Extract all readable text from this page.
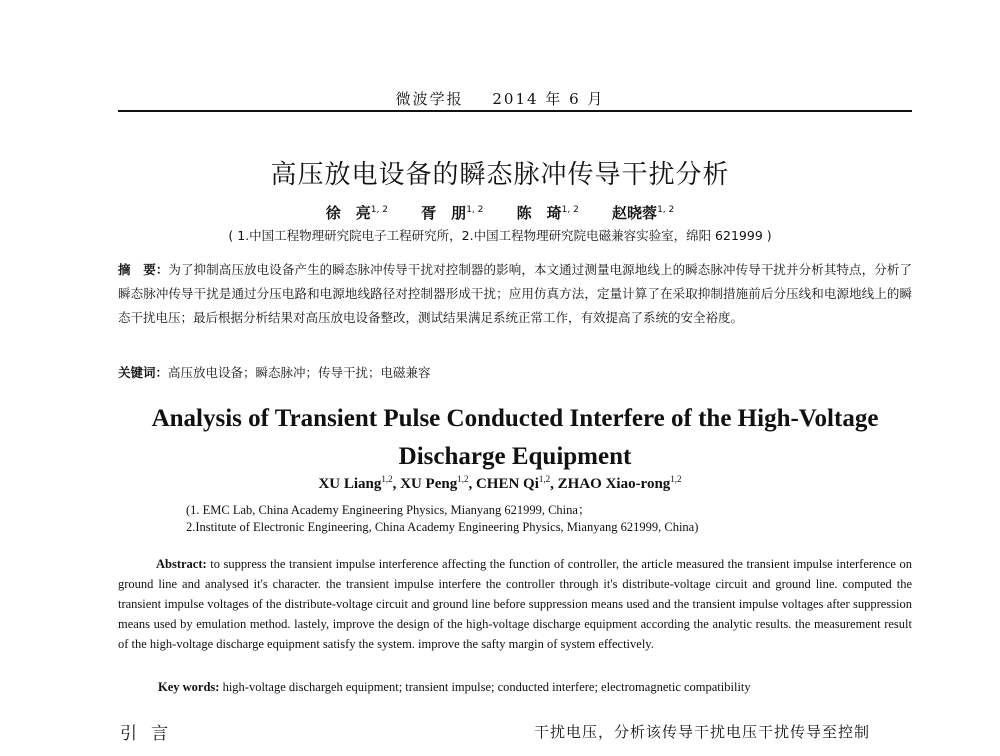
微波学报 2014 年 6 月
高压放电设备的瞬态脉冲传导干扰分析
徐　亮$^{1, 2}$ 胥　朋$^{1, 2}$ 陈　琦$^{1, 2}$ 赵晓蓉$^{1, 2}$
( 1.中国工程物理研究院电子工程研究所，2.中国工程物理研究院电磁兼容实验室，绵阳 621999 )
摘　要：为了抑制高压放电设备产生的瞬态脉冲传导干扰对控制器的影响，本文通过测量电源地线上的瞬态脉冲传导干扰并分析其特点，分析了瞬态脉冲传导干扰是通过分压电路和电源地线路径对控制器形成干扰；应用仿真方法，定量计算了在采取抑制措施前后分压线和电源地线上的瞬态干扰电压；最后根据分析结果对高压放电设备整改，测试结果满足系统正常工作，有效提高了系统的安全裕度。
关键词：高压放电设备；瞬态脉冲；传导干扰；电磁兼容
Analysis of Transient Pulse Conducted Interfere of the High-Voltage Discharge Equipment
XU Liang$^{1,2}$, XU Peng$^{1,2}$, CHEN Qi$^{1,2}$, ZHAO Xiao-rong$^{1,2}$
(1. EMC Lab, China Academy Engineering Physics, Mianyang 621999, China；
2.Institute of Electronic Engineering, China Academy Engineering Physics, Mianyang 621999, China)
Abstract: to suppress the transient impulse interference affecting the function of controller, the article measured the transient impulse interference on ground line and analysed it's character. the transient impulse interfere the controller through it's distribute-voltage circuit and ground line. computed the transient impulse voltages of the distribute-voltage circuit and ground line before suppression means used and the transient impulse voltages after suppression means used by emulation method. lastely, improve the design of the high-voltage discharge equipment according the analytic results. the measurement result of the high-voltage discharge equipment satisfy the system. improve the safty margin of system effectively.
Key words: high-voltage dischargeh equipment; transient impulse; conducted interfere; electromagnetic compatibility
引言	干扰电压，分析该传导干扰电压干扰传导至控制
